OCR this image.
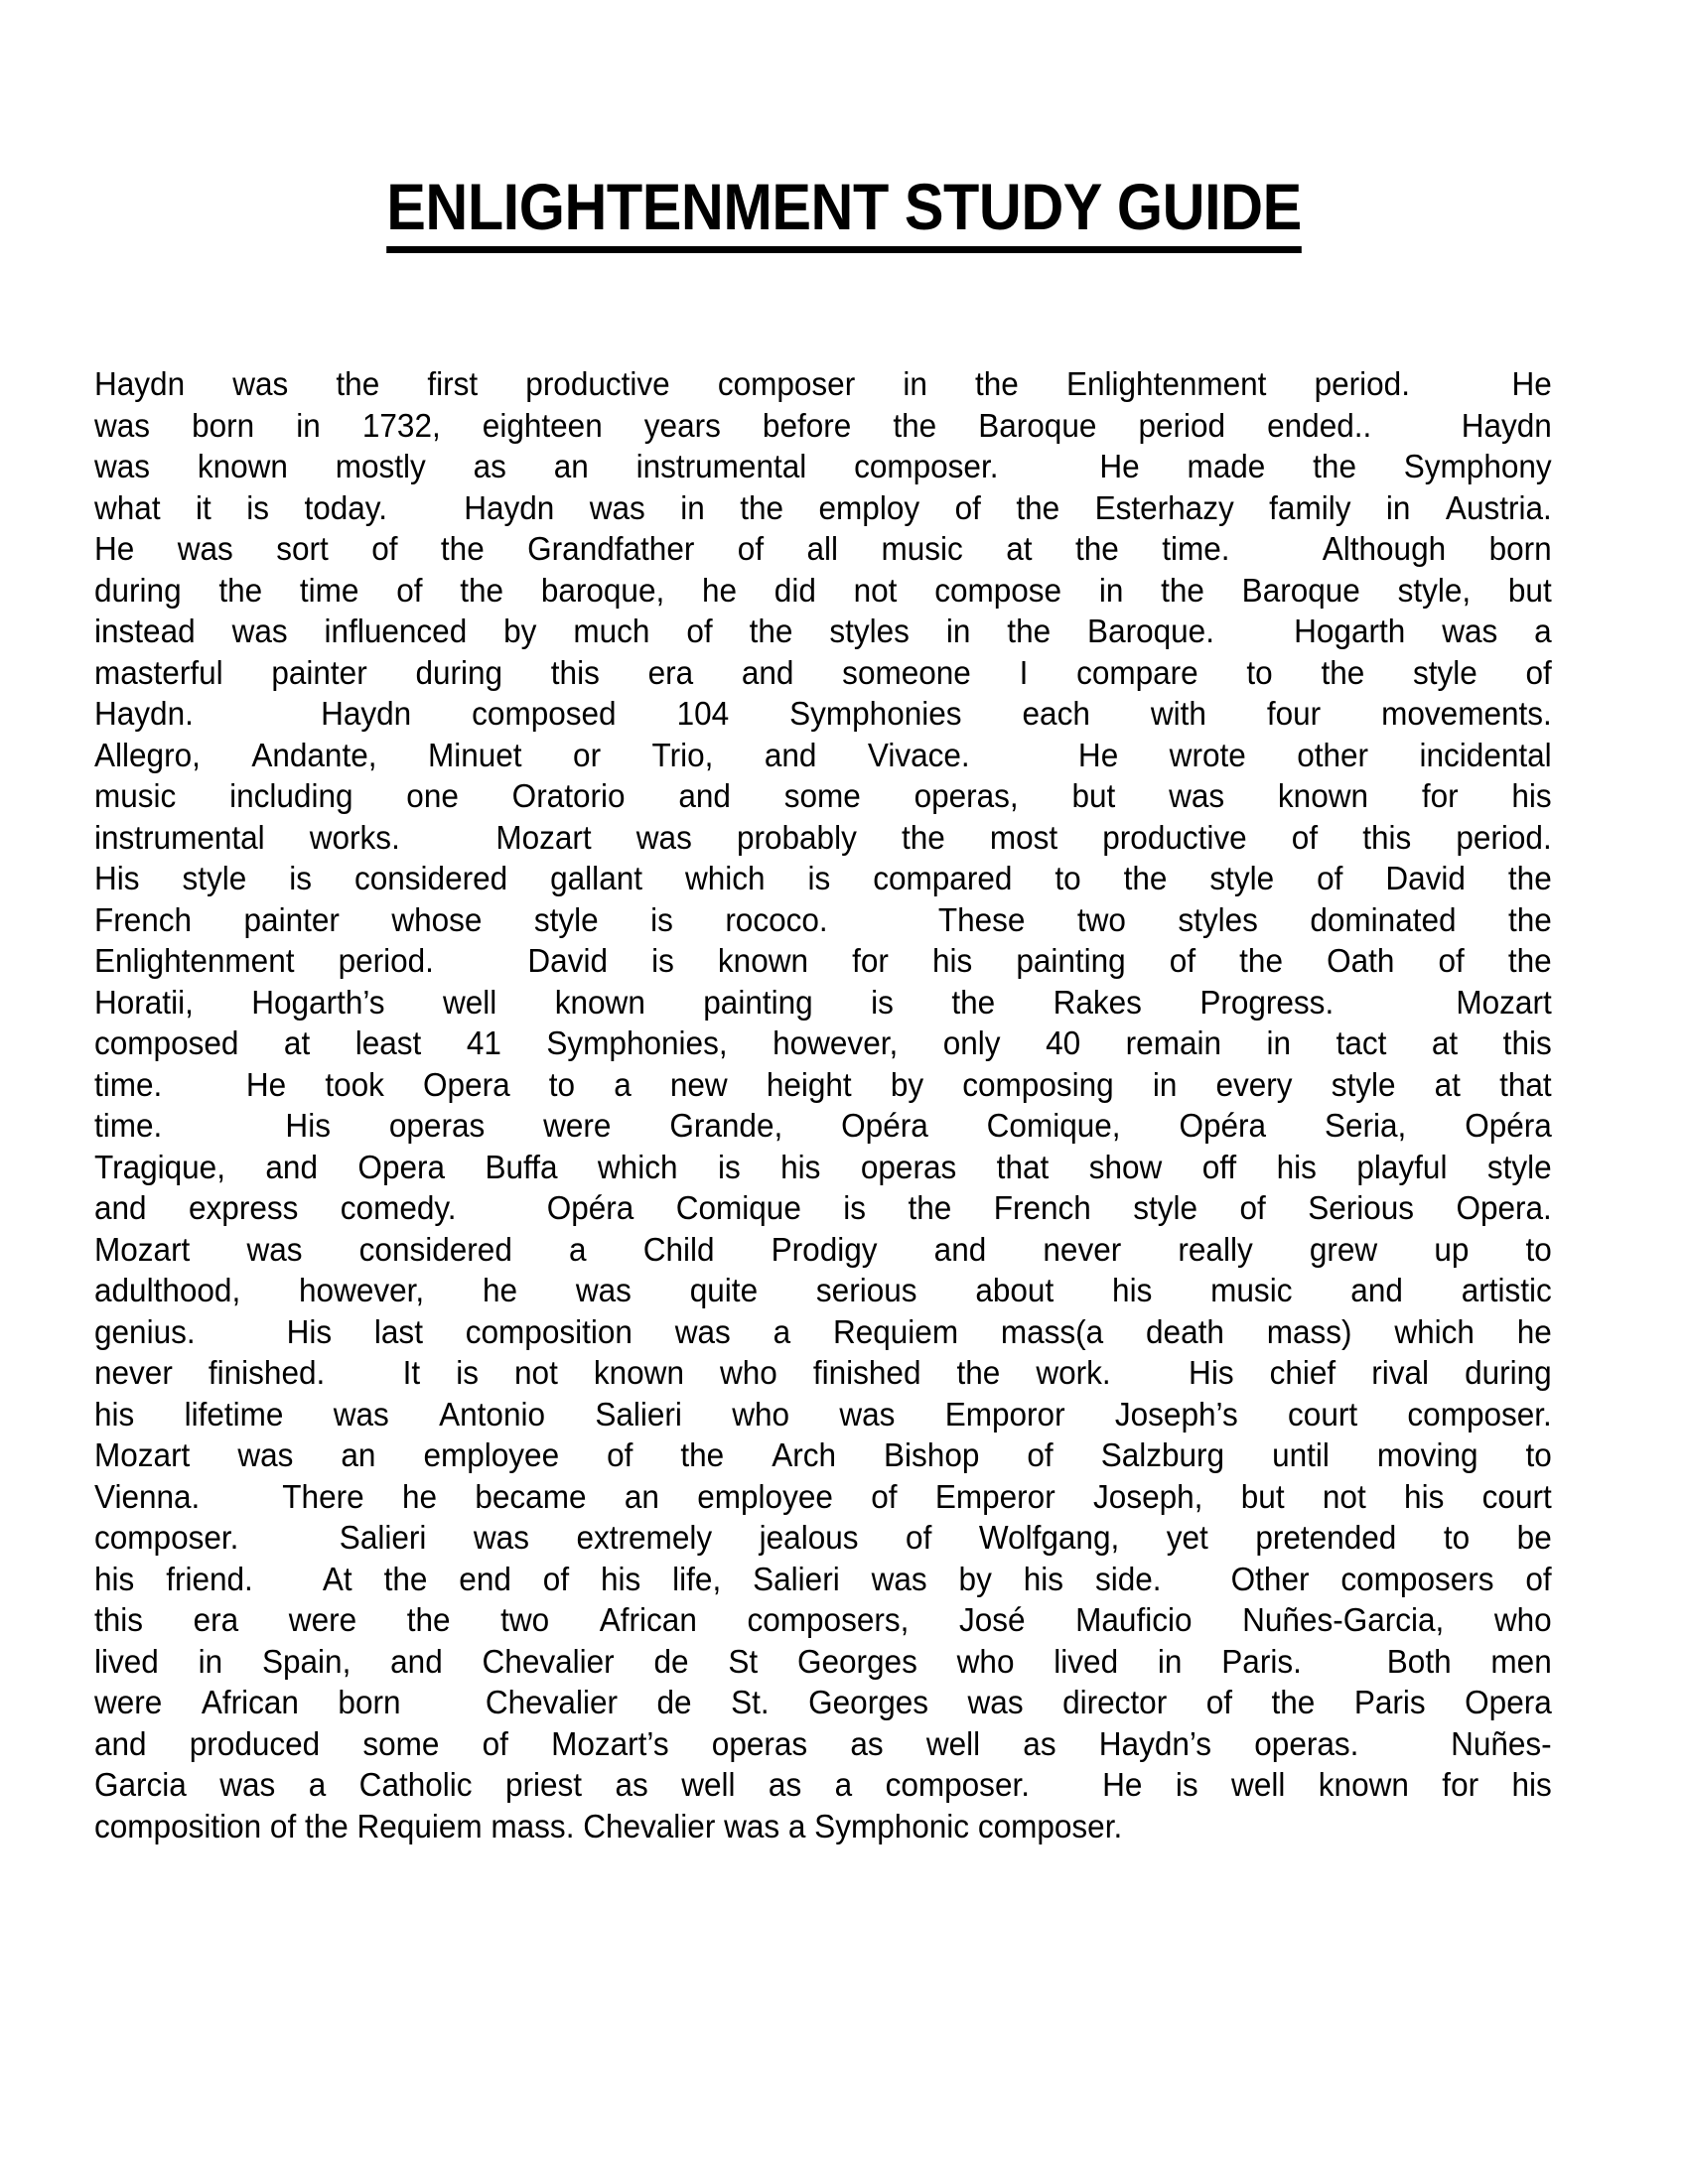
ENLIGHTENMENT STUDY GUIDE
Haydn was the first productive composer in the Enlightenment period.
 	He
was born in 1732, eighteen years before the Baroque period ended..
 	Haydn
was known mostly as an instrumental composer.
 	He made the Symphony
what it is today.
  Haydn was in the employ of the Esterhazy family in Austria.
He was sort of the Grandfather of all music at the time.
 	Although born
during the time of the baroque, he did not compose in the Baroque style, but
instead was influenced by much of the styles in the Baroque.
  Hogarth was a
masterful painter during this era and someone I compare to the style of
Haydn.
 	Haydn composed 104 Symphonies each with four movements.
Allegro, Andante, Minuet or Trio, and Vivace.
 	He wrote other incidental
music including one Oratorio and some operas, but was known for his
instrumental works.
 	Mozart was probably the most productive of this period.
His style is considered gallant which is compared to the style of David the
French painter whose style is rococo.
 	These two styles dominated the
Enlightenment period.
 	David is known for his painting of the Oath of the
Horatii, Hogarth’s well known painting is the Rakes Progress.
 	Mozart
composed at least 41 Symphonies, however, only 40 remain in tact at this
time.
 	He took Opera to a new height by composing in every style at that
time.
 	His operas were Grande, Opéra Comique, Opéra Seria, Opéra
Tragique, and Opera Buffa which is his operas that show off his playful style
and express comedy.
 	Opéra Comique is the French style of Serious Opera.
Mozart was considered a Child Prodigy and never really grew up to
adulthood, however, he was quite serious about his music and artistic
genius.
 	His last composition was a Requiem mass(a death mass) which he
never finished.
  It is not known who finished the work.
  His chief rival during
his lifetime was Antonio Salieri who was Emporor Joseph’s court composer.
Mozart was an employee of the Arch Bishop of Salzburg until moving to
Vienna.
 	There he became an employee of Emperor Joseph, but not his court
composer.
 	Salieri was extremely jealous of Wolfgang, yet pretended to be
his friend.
  At the end of his life, Salieri was by his side.
  Other composers of
this era were the two African composers, José Mauficio Nuñes-Garcia, who
lived in Spain, and Chevalier de St Georges who lived in Paris.
 	Both men
were African born
 	Chevalier de St. Georges was director of the Paris Opera
and produced some of Mozart’s operas as well as Haydn’s operas.
 	Nuñes-
Garcia was a Catholic priest as well as a composer.
  He is well known for his
composition of the Requiem mass. Chevalier was a Symphonic composer.
